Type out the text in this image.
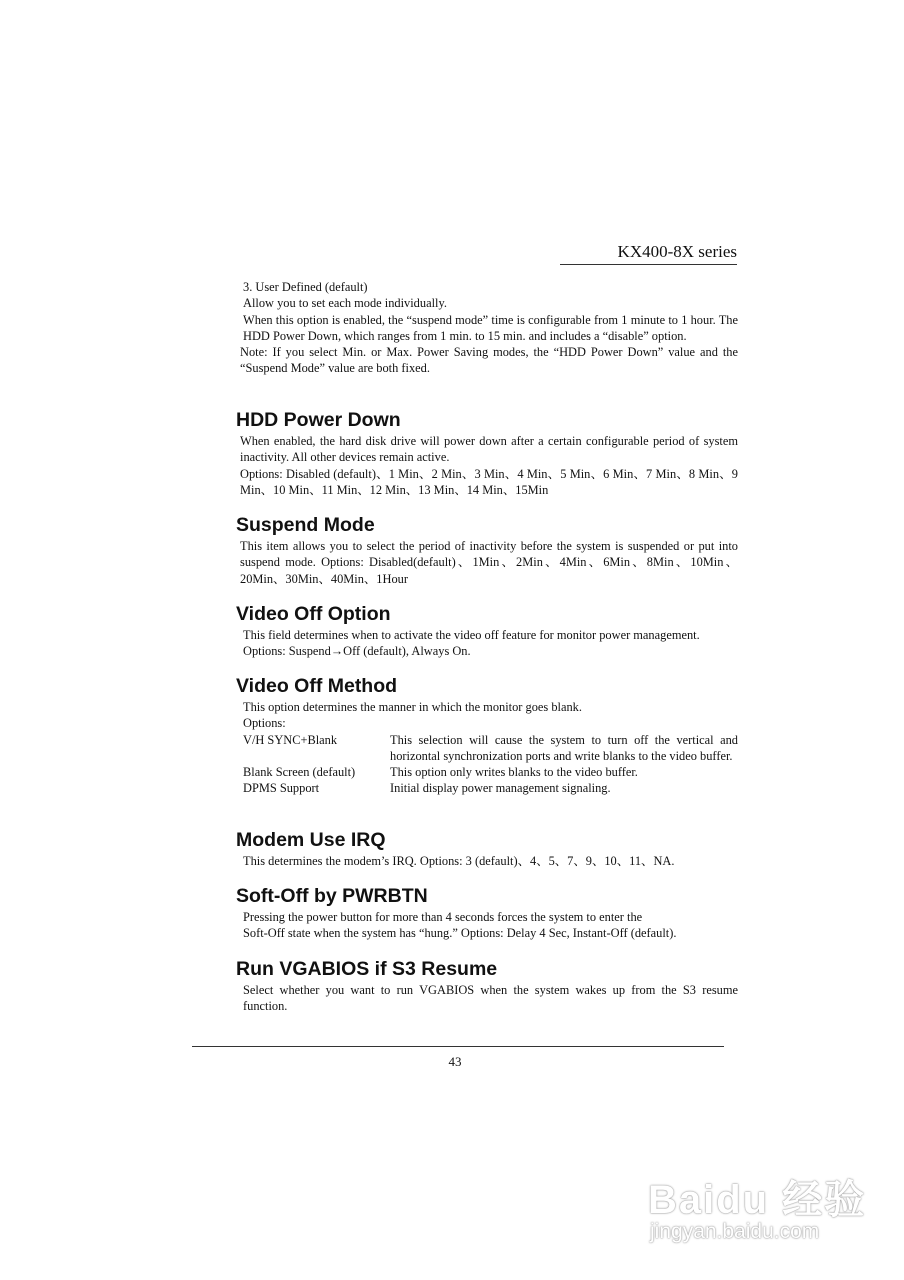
KX400-8X series

3. User Defined (default)

Allow you to set each mode individually.

When this option is enabled, the “suspend mode” time is configurable from 1 minute to 1 hour. The HDD Power Down, which ranges from 1 min. to 15 min. and includes a “disable” option.

Note: If you select Min. or Max. Power Saving modes, the “HDD Power Down” value and the “Suspend Mode” value are both fixed.

HDD Power Down

When enabled, the hard disk drive will power down after a certain configurable period of system inactivity. All other devices remain active.

Options: Disabled (default)、1 Min、2 Min、3 Min、4 Min、5 Min、6 Min、7 Min、8 Min、9 Min、10 Min、11 Min、12 Min、13 Min、14 Min、15Min

Suspend Mode

This item allows you to select the period of inactivity before the system is suspended or put into suspend mode. Options: Disabled(default)、1Min、2Min、4Min、6Min、8Min、10Min、20Min、30Min、40Min、1Hour

Video Off Option

This field determines when to activate the video off feature for monitor power management.

Options: Suspend→Off (default), Always On.

Video Off Method

This option determines the manner in which the monitor goes blank.

Options:

V/H SYNC+Blank	This selection will cause the system to turn off the vertical and horizontal synchronization ports and write blanks to the video buffer.
Blank Screen (default)	This option only writes blanks to the video buffer.
DPMS Support	Initial display power management signaling.
Modem Use IRQ

This determines the modem’s IRQ. Options: 3 (default)、4、5、7、9、10、11、NA.

Soft-Off by PWRBTN

Pressing the power button for more than 4 seconds forces the system to enter the

Soft-Off state when the system has “hung.” Options: Delay 4 Sec, Instant-Off (default).

Run VGABIOS if S3 Resume

Select whether you want to run VGABIOS when the system wakes up from the S3 resume function.

43
Baidu 经验
jingyan.baidu.com
